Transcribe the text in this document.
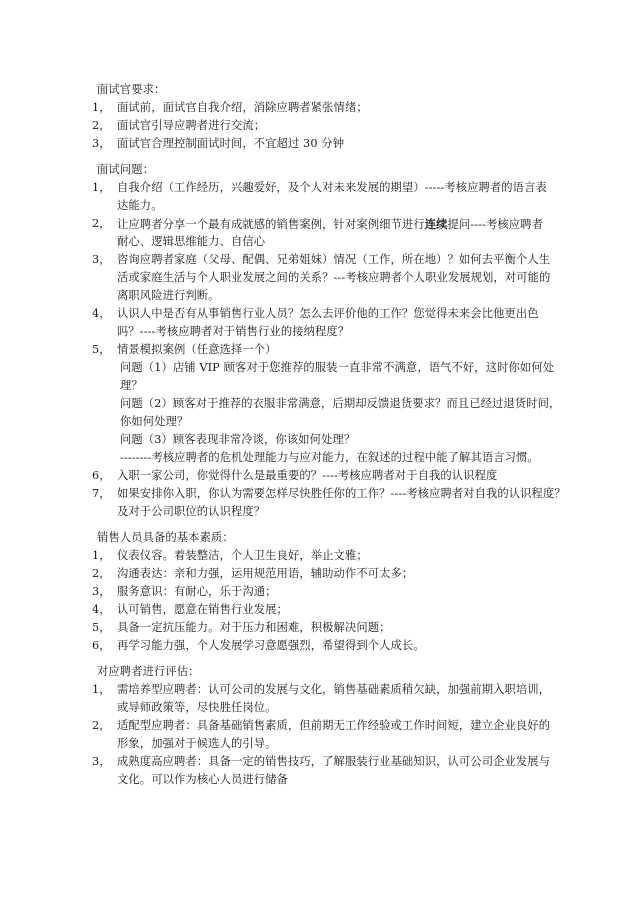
面试官要求：
1， 面试前，面试官自我介绍，消除应聘者紧张情绪；
2， 面试官引导应聘者进行交流；
3， 面试官合理控制面试时间，不宜超过 30 分钟
面试问题：
1， 自我介绍（工作经历，兴趣爱好，及个人对未来发展的期望）-----考核应聘者的语言表
达能力。
2， 让应聘者分享一个最有成就感的销售案例，针对案例细节进行连续提问----考核应聘者
耐心、逻辑思维能力、自信心
3， 咨询应聘者家庭（父母、配偶、兄弟姐妹）情况（工作，所在地）？如何去平衡个人生
活或家庭生活与个人职业发展之间的关系？---考核应聘者个人职业发展规划，对可能的
离职风险进行判断。
4， 认识人中是否有从事销售行业人员？怎么去评价他的工作？您觉得未来会比他更出色
吗？----考核应聘者对于销售行业的接纳程度？
5， 情景模拟案例（任意选择一个）
问题（1）店铺 VIP 顾客对于您推荐的服装一直非常不满意，语气不好，这时你如何处
理？
问题（2）顾客对于推荐的衣服非常满意，后期却反馈退货要求？而且已经过退货时间，
你如何处理？
问题（3）顾客表现非常冷谈，你该如何处理？
--------考核应聘者的危机处理能力与应对能力，在叙述的过程中能了解其语言习惯。
6， 入职一家公司，你觉得什么是最重要的？----考核应聘者对于自我的认识程度
7， 如果安排你入职，你认为需要怎样尽快胜任你的工作？----考核应聘者对自我的认识程度？
及对于公司职位的认识程度？
销售人员具备的基本素质：
1， 仪表仪容。着装整洁，个人卫生良好，举止文雅；
2， 沟通表达：亲和力强，运用规范用语，辅助动作不可太多；
3， 服务意识：有耐心，乐于沟通；
4， 认可销售，愿意在销售行业发展；
5， 具备一定抗压能力。对于压力和困难，积极解决问题；
6， 再学习能力强，个人发展学习意愿强烈，希望得到个人成长。
对应聘者进行评估：
1， 需培养型应聘者：认可公司的发展与文化，销售基础素质稍欠缺，加强前期入职培训，
或导师政策等，尽快胜任岗位。
2， 适配型应聘者：具备基础销售素质，但前期无工作经验或工作时间短，建立企业良好的
形象，加强对于候选人的引导。
3， 成熟度高应聘者：具备一定的销售技巧，了解服装行业基础知识，认可公司企业发展与
文化。可以作为核心人员进行储备
